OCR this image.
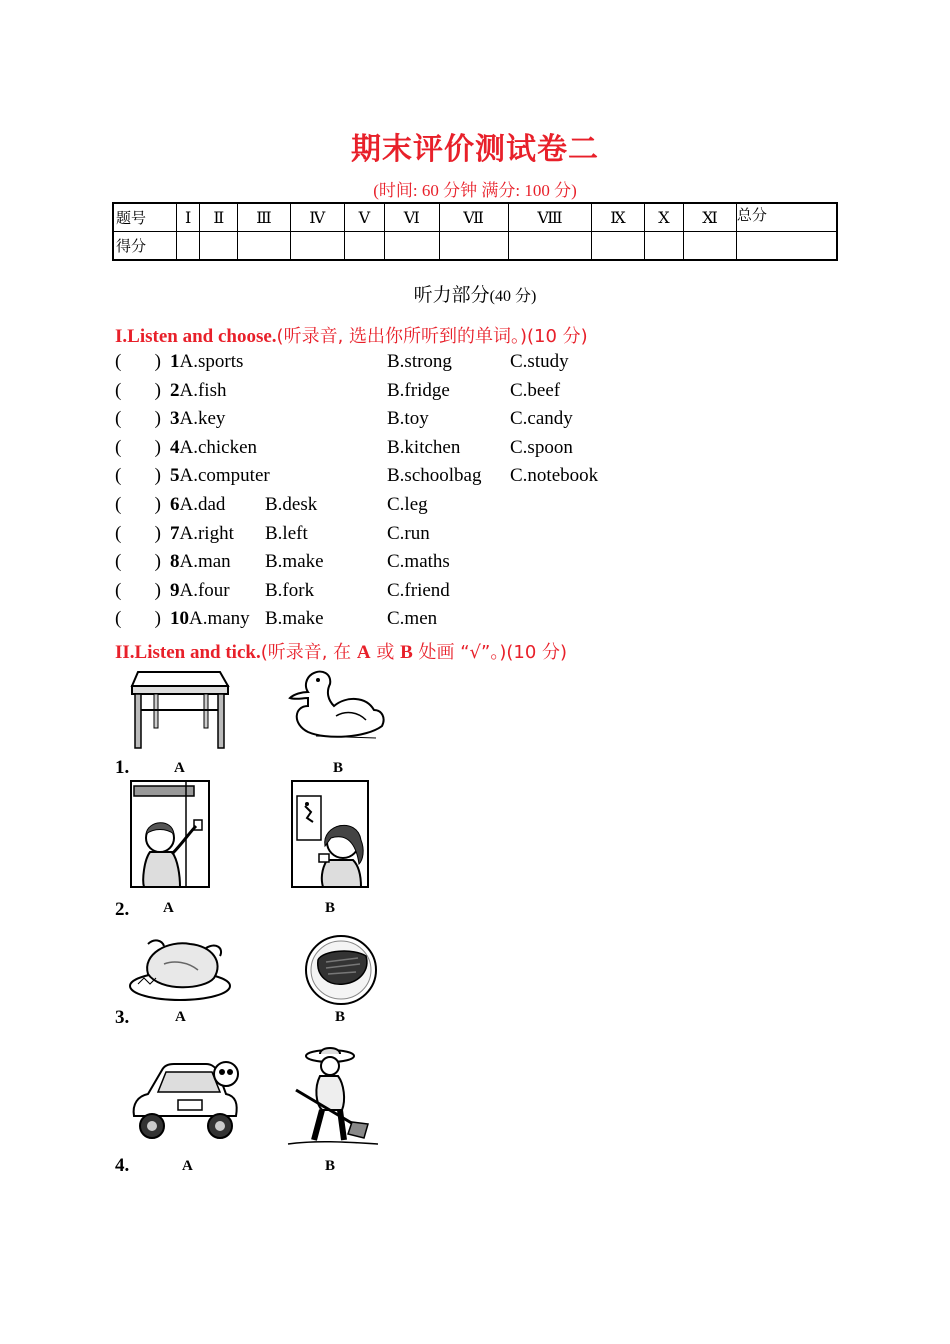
期末评价测试卷二
(时间: 60 分钟 满分: 100 分)
题号	Ⅰ	Ⅱ	Ⅲ	Ⅳ	Ⅴ	Ⅵ	Ⅶ	Ⅷ	Ⅸ	Ⅹ	Ⅺ	总分
得分												
听力部分(40 分)
I.Listen and choose.(听录音, 选出你所听到的单词。)(10 分)
(       ) 1A.sports	B.strong	C.study
(       ) 2A.fish	B.fridge	C.beef
(       ) 3A.key	B.toy	C.candy
(       ) 4A.chicken	B.kitchen	C.spoon
(       ) 5A.computer	B.schoolbag C.notebook
(       ) 6A.dad B.desk	C.leg
(       ) 7A.right B.left	C.run
(       ) 8A.man B.make	C.maths
(       ) 9A.four B.fork	C.friend
(       ) 10A.many B.make	C.men
II.Listen and tick.(听录音, 在 A 或 B 处画 “√”。)(10 分)
1.	A	B
2. A	B
3.	A	B
4.	A	B
